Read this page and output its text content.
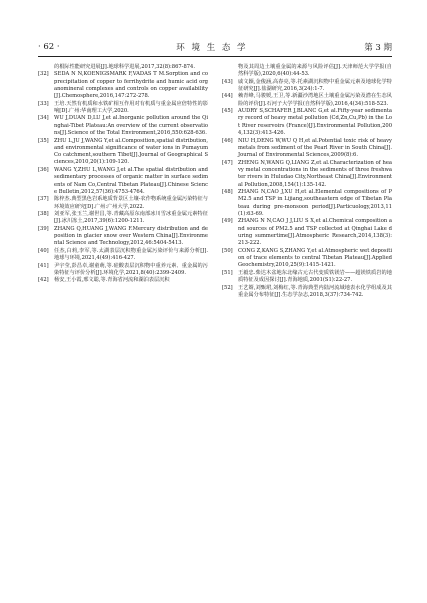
· 62 ·	环 境 生 态 学	第 3 期
的根际性能研究进展[J].地球科学进展,2017,32(8):867-874.
[32]	SEDA N N,KOENIGSMARK F,VADAS T M.Sorption and coprecipitation of copper to ferrihydrite and humic acid organomineral complexes and controls on copper availability [J].Chemosphere,2016,147:272-278.
[33]	王培.天然有机质和水铁矿相互作用对有机质与重金属应倍特性的影响[D].广州:华南理工大学,2020.
[34]	WU J,DUAN D,LU J,et al.Inorganic pollution around the Qinghai-Tibet Plateau:An overview of the current observations[J].Science of the Total Environment,2016,550:628-636.
[35]	ZHU L,JU J,WANG Y,et al.Composition,spatial distribution,and environmental significance of water ions in Pumayum Co catchment,southern Tibet[J].Journal of Geographical Sciences,2010,20(1):109-120.
[36]	WANG Y,ZHU L,WANG J,et al.The spatial distribution and sedimentary processes of organic matter in surface sediments of Nam Co,Central Tibetan Plateau[J].Chinese Science Bulletin,2012,57(36):4753-4764.
[37]	陈梓杰.典型黑色岩系地质背景区土壤-农作物系统重金属污染特征与环境效应研究[D].广州:广州大学,2022.
[38]	刘亚军,张玉兰,谢世昌,等.青藏高原东南部冰川雪冰重金属元素特征[J].冰川冻土,2017,39(6):1200-1211.
[39]	ZHANG Q,HUANG J,WANG F.Mercury distribution and deposition in glacier snow over Western China[J].Environmental Science and Technology,2012,46:5404-5413.
[40]	任杰,白莉,李军,等.太湖表层沉积物重金属污染评价与来源分析[J].地球与环境,2021,4(49):416-427.
[41]	尹宇莹,彭昌卓,谢童萌,等.硅酸表层沉积物中重养元素、重金属的污染特征与评价分析[J].环境化学,2021,8(40):2399-2409.
[42]	杨安,王小霞,邢文聪,等.青海省河流和湖泊表层沉积
物及其周边土壤重金属的来源与风险评估[J].天津师范大学学报(自然科学版),2020,6(40):44-53.
[43]	戚文颖,金俊涵,高春亮,等.托素湖沉积物中重金属元素及地球化学特征研究[J].盐湖研究,2016,3(24):1-7.
[44]	赖青峰,马骏媛,王卫,等.新疆沙湾地区土壤重金属污染及潜在生态风险的评价[J].石河子大学学报(自然科学版),2016,4(34):518-523.
[45]	AUDRY S,SCHAFER J,BLANC G,et al.Fifty-year sedimentary record of heavy metal pollution (Cd,Zn,Cu,Pb) in the Lot River reservoirs (France)[J].Environmental Pollution,2004,132(3):413-426.
[46]	NIU H,DENG W,WU Q H,et al.Potential toxic risk of heavy metals from sediment of the Pearl River in South China[J].Journal of Environmental Sciences,2009(8):6.
[47]	ZHENG N,WANG Q,LIANG Z,et al.Characterization of heavy metal concentrations in the sediments of three freshwater rivers in Huludao City,Northeast China[J].Environmental Pollution,2008,154(1):135-142.
[48]	ZHANG N,CAO J,XU H,et al.Elemental compositions of PM2.5 and TSP in Lijiang,southeastern edge of Tibetan Plateau during pre-monsoon period[J].Particuology,2013,11(1):63-69.
[49]	ZHANG N N,CAO J J,LIU S X,et al.Chemical composition and sources of PM2.5 and TSP collected at Qinghai Lake during summertime[J].Atmospheric Research,2014,138(3):213-222.
[50]	CONG Z,KANG S,ZHANG Y,et al.Atmospheric wet deposition of trace elements to central Tibetan Plateau[J].Applied Geochemistry,2010,25(9):1415-1421.
[51]	王毅忠.柴达木盆地东北缘古元古代变质铁镁岩——超镁铁质岩的地质特征及成因探讨[J].青海地质,2001(S1):22-27.
[52]	王艺婿,刘甄珺,刘梅红,等.青海典型内陆河流域地表水化学组成及其重金属分布特征[J].生态学杂志,2018,3(37):734-742.
